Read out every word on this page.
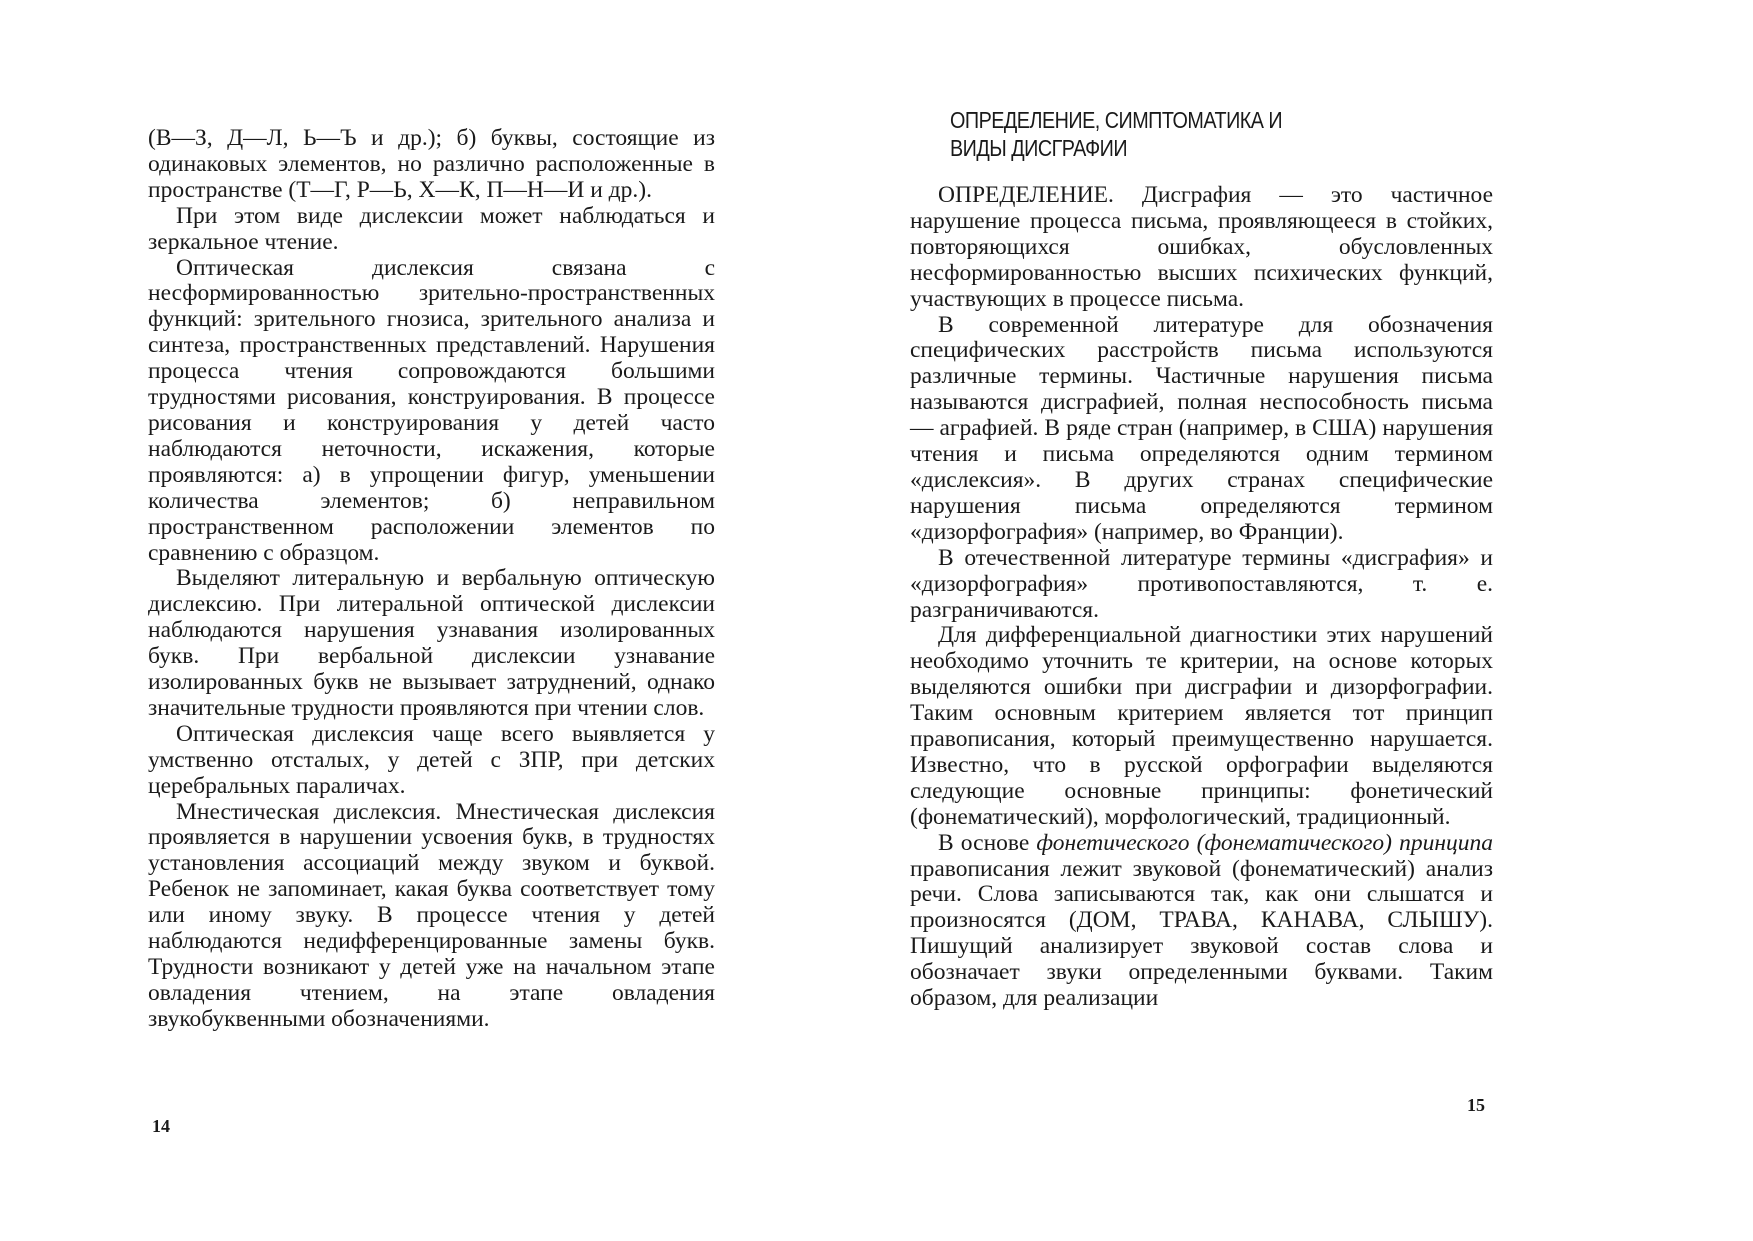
(В—З, Д—Л, Ь—Ъ и др.); б) буквы, состоящие из одинаковых элементов, но различно расположенные в пространстве (Т—Г, Р—Ь, Х—К, П—Н—И и др.).

При этом виде дислексии может наблюдаться и зеркальное чтение.

Оптическая дислексия связана с несформированностью зрительно-пространственных функций: зрительного гнозиса, зрительного анализа и синтеза, пространственных представлений. Нарушения процесса чтения сопровождаются большими трудностями рисования, конструирования. В процессе рисования и конструирования у детей часто наблюдаются неточности, искажения, которые проявляются: а) в упрощении фигур, уменьшении количества элементов; б) неправильном пространственном расположении элементов по сравнению с образцом.

Выделяют литеральную и вербальную оптическую дислексию. При литеральной оптической дислексии наблюдаются нарушения узнавания изолированных букв. При вербальной дислексии узнавание изолированных букв не вызывает затруднений, однако значительные трудности проявляются при чтении слов.

Оптическая дислексия чаще всего выявляется у умственно отсталых, у детей с ЗПР, при детских церебральных параличах.

Мнестическая дислексия. Мнестическая дислексия проявляется в нарушении усвоения букв, в трудностях установления ассоциаций между звуком и буквой. Ребенок не запоминает, какая буква соответствует тому или иному звуку. В процессе чтения у детей наблюдаются недифференцированные замены букв. Трудности возникают у детей уже на начальном этапе овладения чтением, на этапе овладения звукобуквенными обозначениями.

14
ОПРЕДЕЛЕНИЕ, СИМПТОМАТИКА И
ВИДЫ ДИСГРАФИИ

ОПРЕДЕЛЕНИЕ. Дисграфия — это частичное нарушение процесса письма, проявляющееся в стойких, повторяющихся ошибках, обусловленных несформированностью высших психических функций, участвующих в процессе письма.

В современной литературе для обозначения специфических расстройств письма используются различные термины. Частичные нарушения письма называются дисграфией, полная неспособность письма — аграфией. В ряде стран (например, в США) нарушения чтения и письма определяются одним термином «дислексия». В других странах специфические нарушения письма определяются термином «дизорфография» (например, во Франции).

В отечественной литературе термины «дисграфия» и «дизорфография» противопоставляются, т. е. разграничиваются.

Для дифференциальной диагностики этих нарушений необходимо уточнить те критерии, на основе которых выделяются ошибки при дисграфии и дизорфографии. Таким основным критерием является тот принцип правописания, который преимущественно нарушается. Известно, что в русской орфографии выделяются следующие основные принципы: фонетический (фонематический), морфологический, традиционный.

В основе фонетического (фонематического) принципа правописания лежит звуковой (фонематический) анализ речи. Слова записываются так, как они слышатся и произносятся (ДОМ, ТРАВА, КАНАВА, СЛЫШУ). Пишущий анализирует звуковой состав слова и обозначает звуки определенными буквами. Таким образом, для реализации

15
